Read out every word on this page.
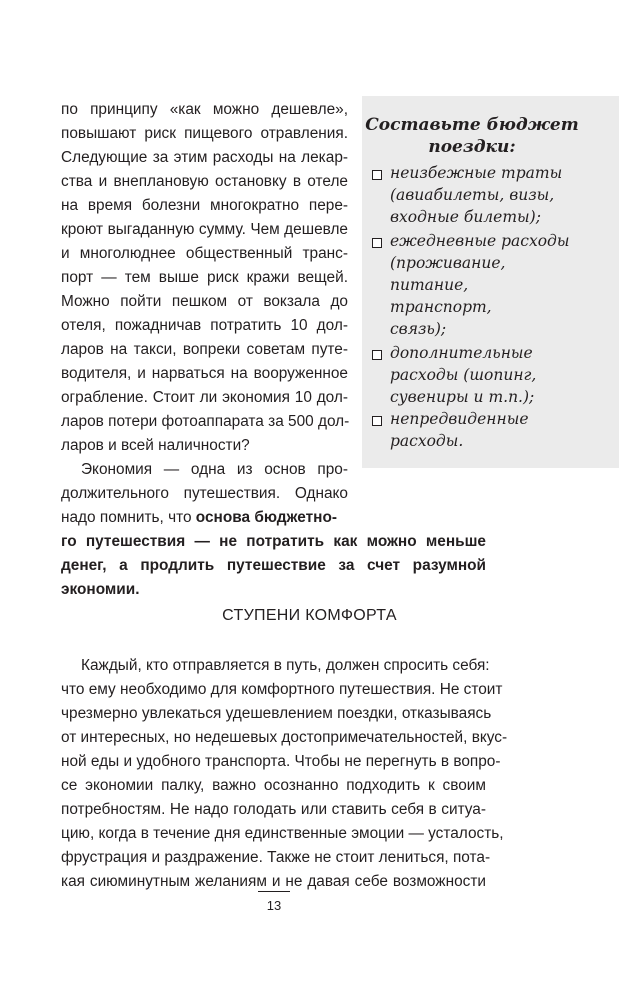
по принципу «как можно дешевле»,
повышают риск пищевого отравления.
Следующие за этим расходы на лекар-
ства и внеплановую остановку в отеле
на время болезни многократно пере-
кроют выгаданную сумму. Чем дешевле
и многолюднее общественный транс-
порт — тем выше риск кражи вещей.
Можно пойти пешком от вокзала до
отеля, пожадничав потратить 10 дол-
ларов на такси, вопреки советам путе-
водителя, и нарваться на вооруженное
ограбление. Стоит ли экономия 10 дол-
ларов потери фотоаппарата за 500 дол-
ларов и всей наличности?
Экономия — одна из основ про-
должительного путешествия. Однако
надо помнить, что основа бюджетно-
го путешествия — не потратить как можно меньше
денег, а продлить путешествие за счет разумной
экономии.
Составьте бюджет
поездки:
неизбежные траты
(авиабилеты, визы,
входные билеты);
ежедневные расходы
(проживание,
питание,
транспорт,
связь);
дополнительные
расходы (шопинг,
сувениры и т.п.);
непредвиденные
расходы.
СТУПЕНИ КОМФОРТА
Каждый, кто отправляется в путь, должен спросить себя:
что ему необходимо для комфортного путешествия. Не стоит
чрезмерно увлекаться удешевлением поездки, отказываясь
от интересных, но недешевых достопримечательностей, вкус-
ной еды и удобного транспорта. Чтобы не перегнуть в вопро-
се экономии палку, важно осознанно подходить к своим
потребностям. Не надо голодать или ставить себя в ситуа-
цию, когда в течение дня единственные эмоции — усталость,
фрустрация и раздражение. Также не стоит лениться, пота-
кая сиюминутным желаниям и не давая себе возможности
13
